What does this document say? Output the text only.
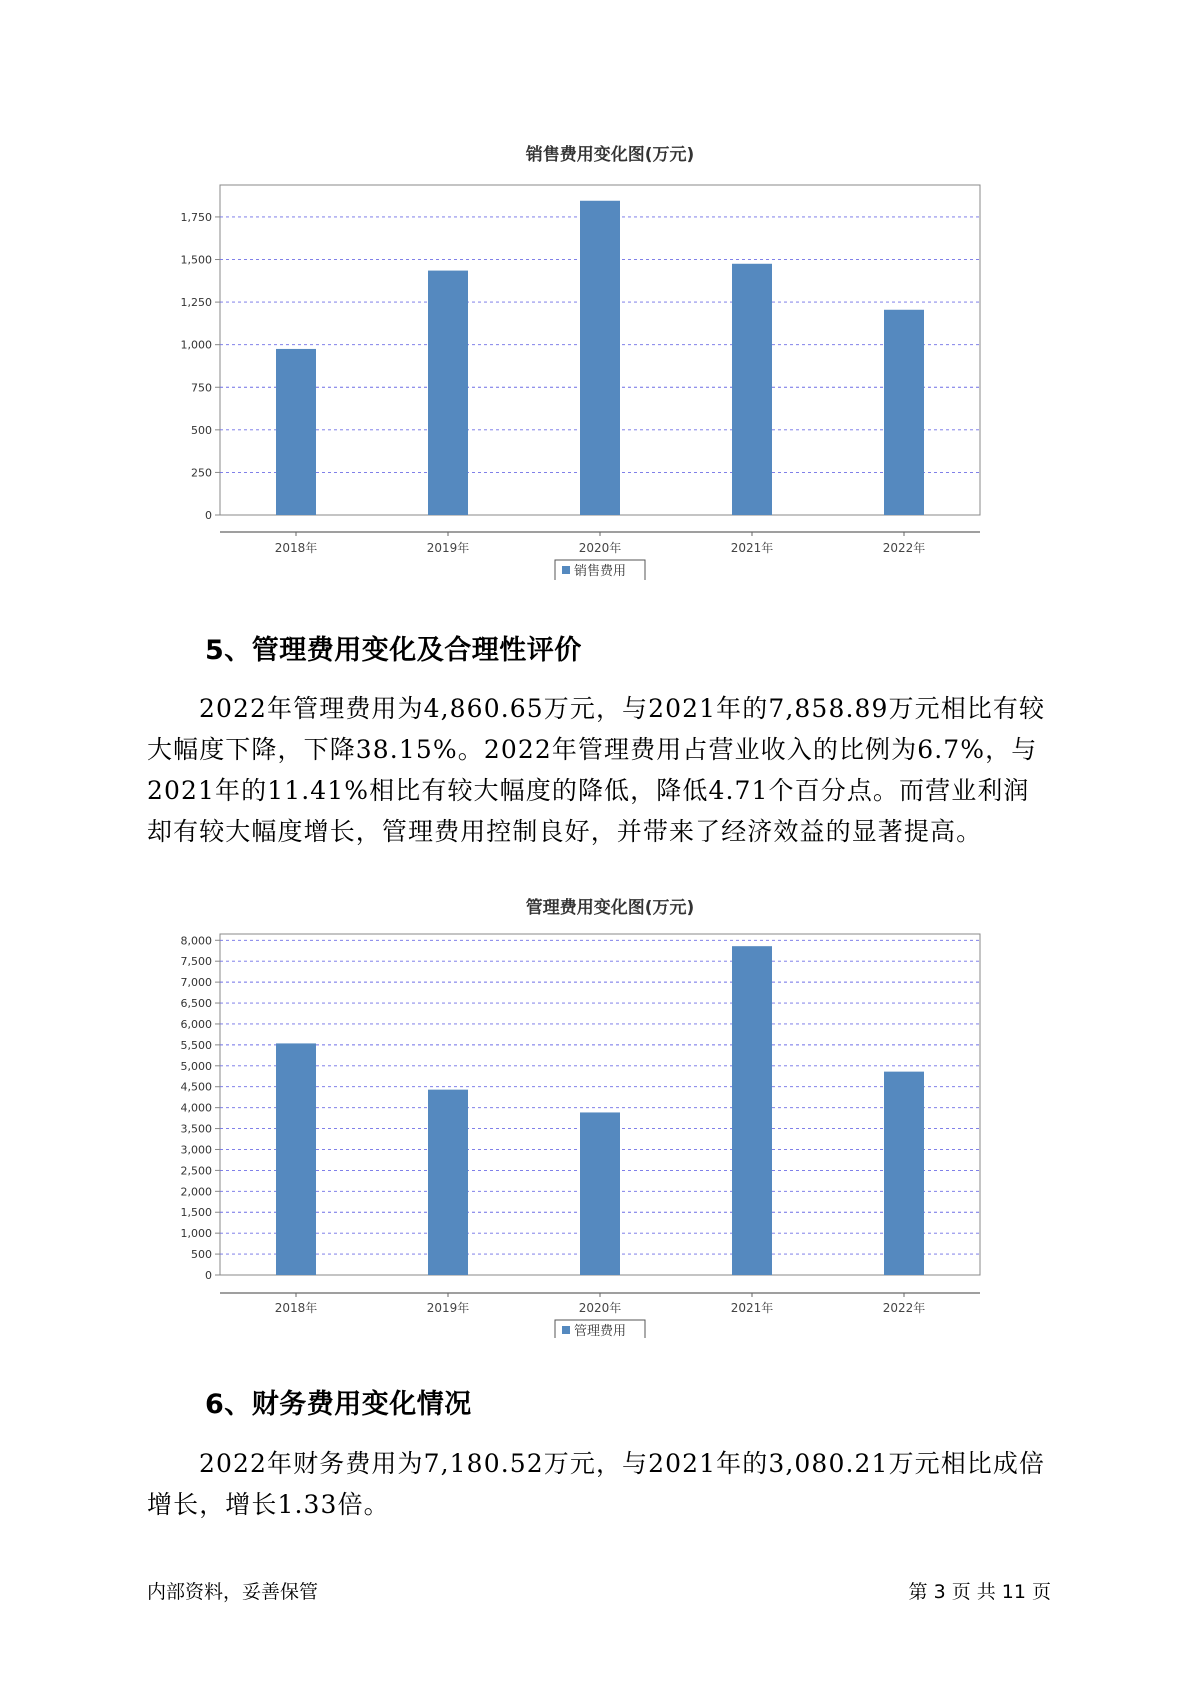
销售费用变化图(万元)
0
250
500
750
1,000
1,250
1,500
1,750
2018年	2019年	2020年	2021年	2022年
销售费用
5、管理费用变化及合理性评价
2022年管理费用为4,860.65万元，与2021年的7,858.89万元相比有较
大幅度下降，下降38.15%。2022年管理费用占营业收入的比例为6.7%，与
2021年的11.41%相比有较大幅度的降低，降低4.71个百分点。而营业利润
却有较大幅度增长，管理费用控制良好，并带来了经济效益的显著提高。
管理费用变化图(万元)
0
500
1,000
1,500
2,000
2,500
3,000
3,500
4,000
4,500
5,000
5,500
6,000
6,500
7,000
7,500
8,000
2018年	2019年	2020年	2021年	2022年
管理费用
6、财务费用变化情况
2022年财务费用为7,180.52万元，与2021年的3,080.21万元相比成倍
增长，增长1.33倍。
内部资料，妥善保管	第 3 页 共 11 页
